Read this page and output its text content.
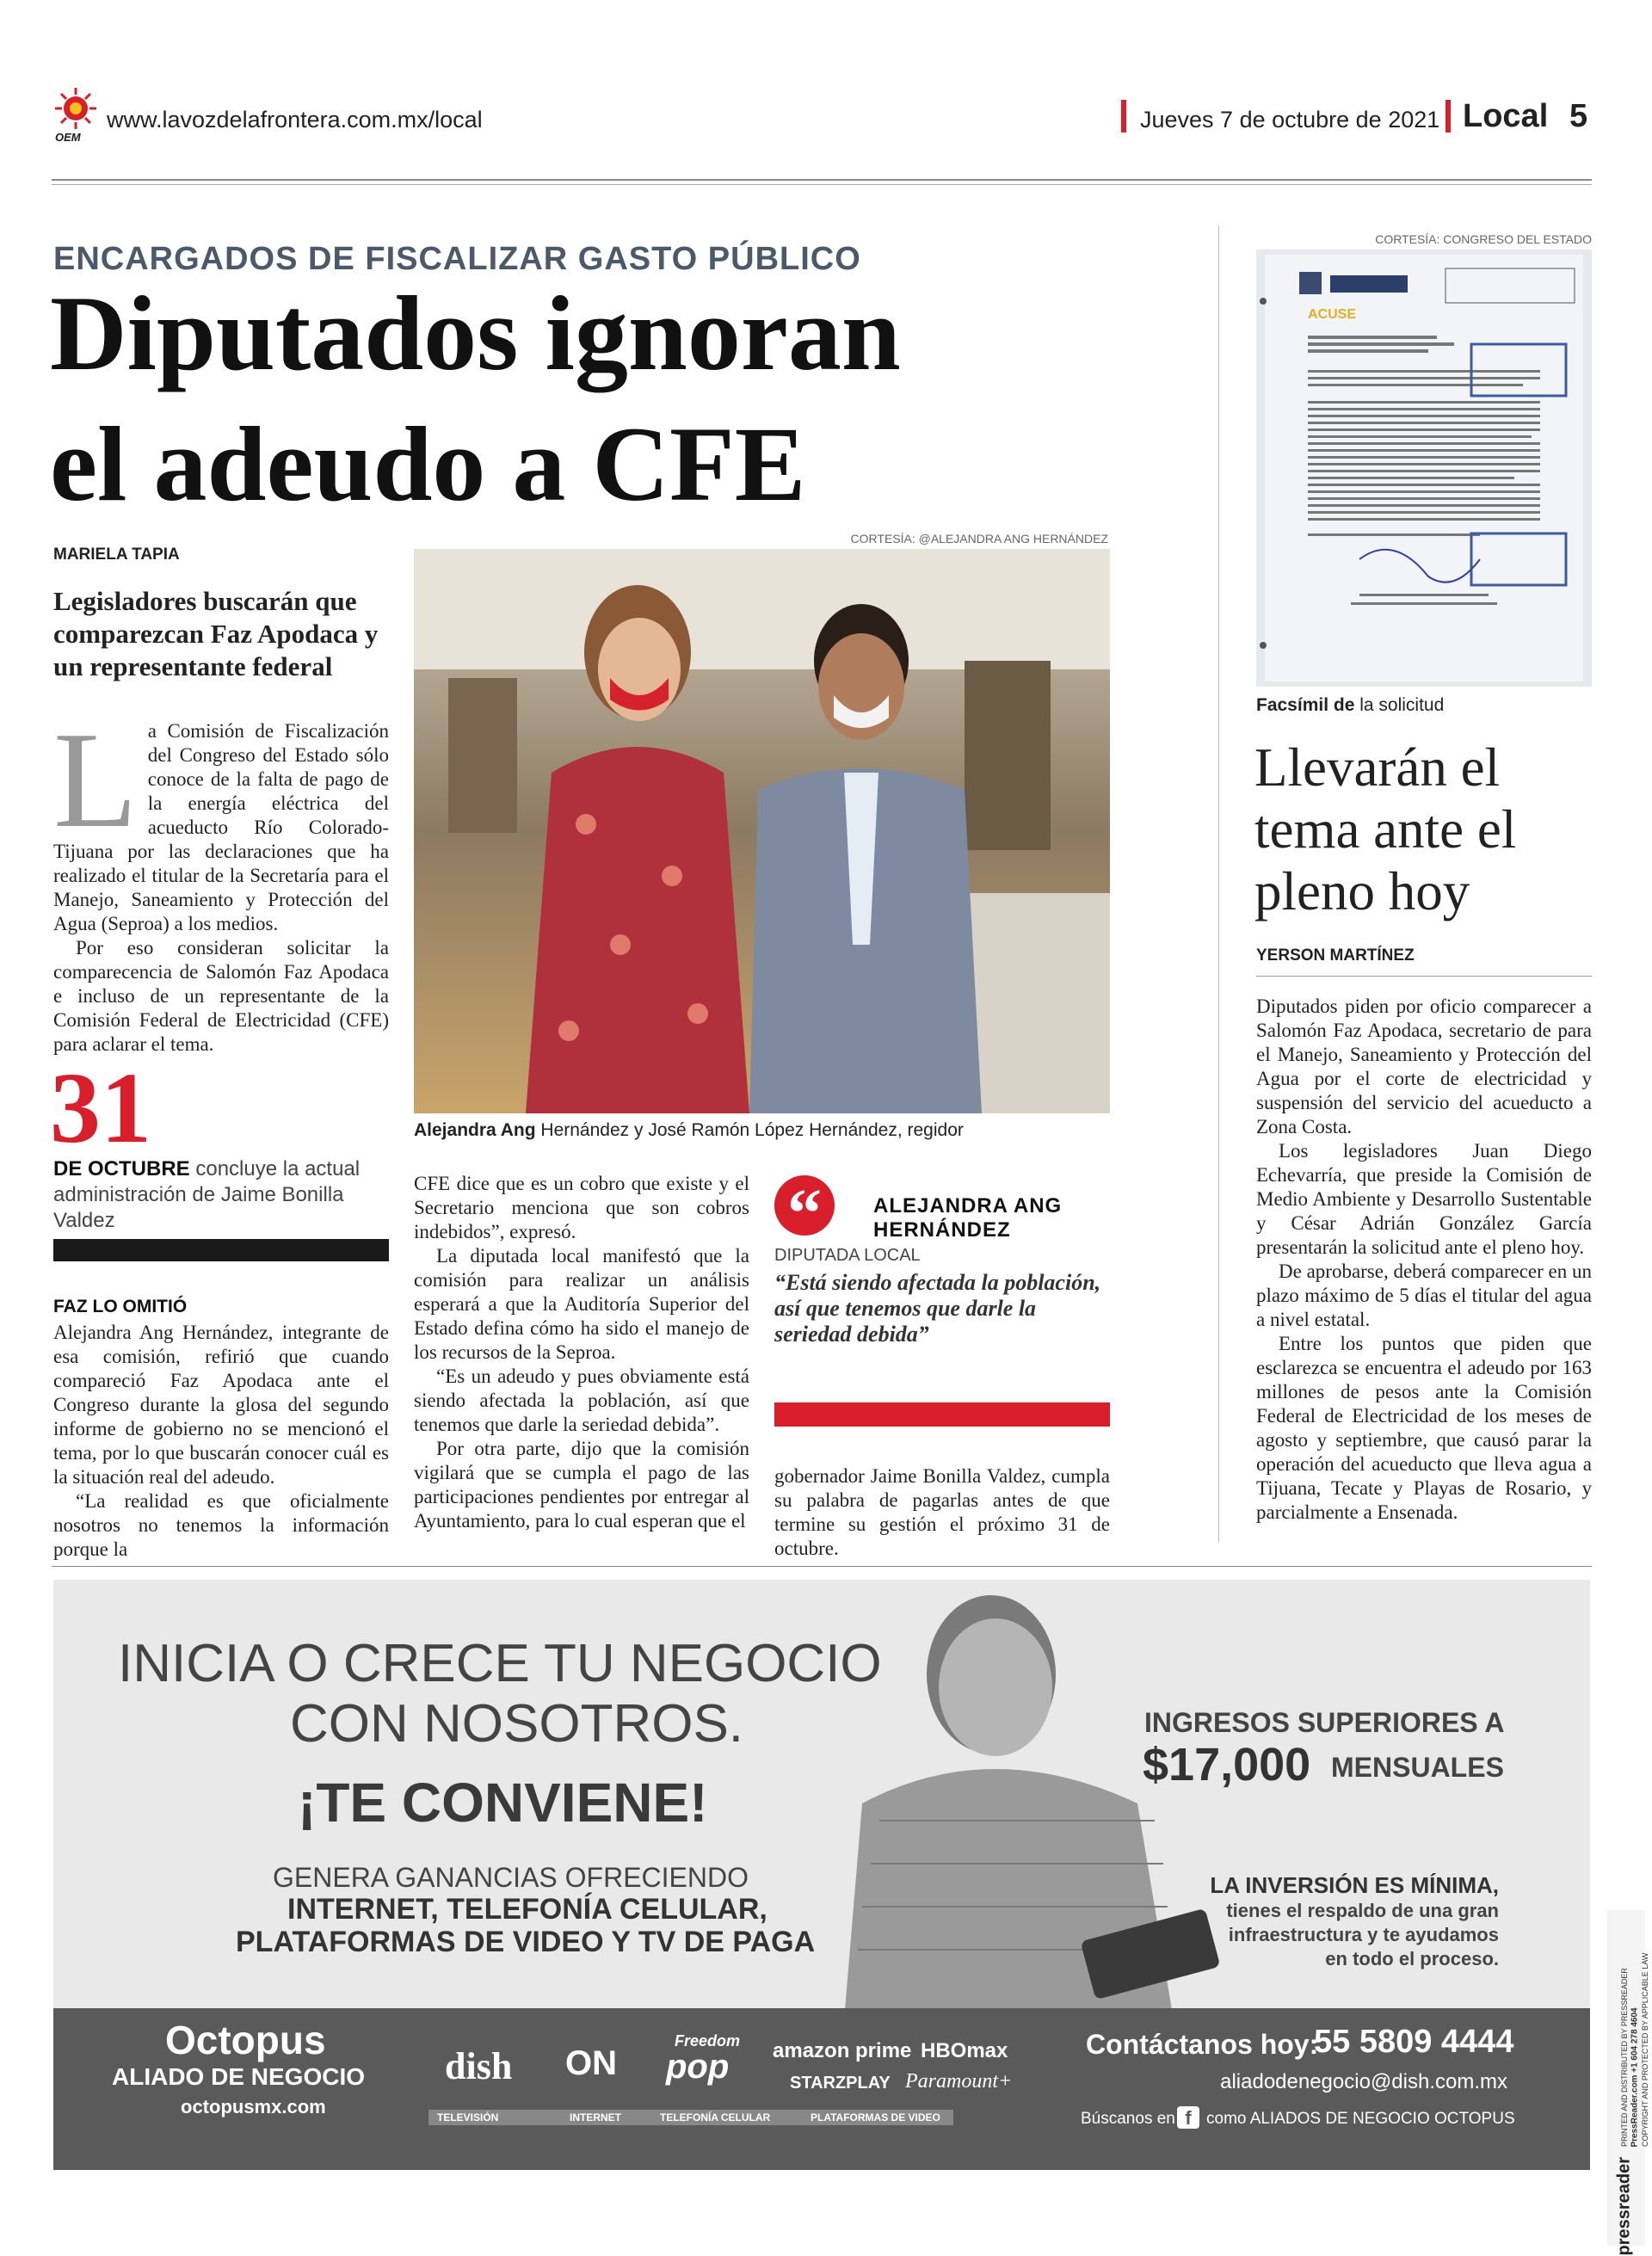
OEM
www.lavozdelafrontera.com.mx/local	Jueves 7 de octubre de 2021 Local 5
ENCARGADOS DE FISCALIZAR GASTO PÚBLICO
Diputados ignoran
el adeudo a CFE
MARIELA TAPIA
Legisladores buscarán que comparezcan Faz Apodaca y un representante federal
L a Comisión de Fiscalización del Congreso del Estado sólo conoce de la falta de pago de la energía eléctrica del acueducto Río Colorado-Tijuana por las declaraciones que ha realizado el titular de la Secretaría para el Manejo, Saneamiento y Protección del Agua (Seproa) a los medios.

Por eso consideran solicitar la comparecencia de Salomón Faz Apodaca e incluso de un representante de la Comisión Federal de Electricidad (CFE) para aclarar el tema.

31
DE OCTUBRE concluye la actual administración de Jaime Bonilla Valdez
FAZ LO OMITIÓ

Alejandra Ang Hernández, integrante de esa comisión, refirió que cuando compareció Faz Apodaca ante el Congreso durante la glosa del segundo informe de gobierno no se mencionó el tema, por lo que buscarán conocer cuál es la situación real del adeudo.

“La realidad es que oficialmente nosotros no tenemos la información porque la

CORTESÍA: @ALEJANDRA ANG HERNÁNDEZ
Alejandra Ang Hernández y José Ramón López Hernández, regidor

CFE dice que es un cobro que existe y el Secretario menciona que son cobros indebidos”, expresó.

La diputada local manifestó que la comisión para realizar un análisis esperará a que la Auditoría Superior del Estado defina cómo ha sido el manejo de los recursos de la Seproa.

“Es un adeudo y pues obviamente está siendo afectada la población, así que tenemos que darle la seriedad debida”.

Por otra parte, dijo que la comisión vigilará que se cumpla el pago de las participaciones pendientes por entregar al Ayuntamiento, para lo cual esperan que el

“	ALEJANDRA ANG HERNÁNDEZ
DIPUTADA LOCAL
“Está siendo afectada la población, así que tenemos que darle la seriedad debida”

gobernador Jaime Bonilla Valdez, cumpla su palabra de pagarlas antes de que termine su gestión el próximo 31 de octubre.

CORTESÍA: CONGRESO DEL ESTADO
ACUSE
Facsímil de la solicitud
Llevarán el tema ante el pleno hoy
YERSON MARTÍNEZ

Diputados piden por oficio comparecer a Salomón Faz Apodaca, secretario de para el Manejo, Saneamiento y Protección del Agua por el corte de electricidad y suspensión del servicio del acueducto a Zona Costa.

Los legisladores Juan Diego Echevarría, que preside la Comisión de Medio Ambiente y Desarrollo Sustentable y César Adrián González García presentarán la solicitud ante el pleno hoy.

De aprobarse, deberá comparecer en un plazo máximo de 5 días el titular del agua a nivel estatal.

Entre los puntos que piden que esclarezca se encuentra el adeudo por 163 millones de pesos ante la Comisión Federal de Electricidad de los meses de agosto y septiembre, que causó parar la operación del acueducto que lleva agua a Tijuana, Tecate y Playas de Rosario, y parcialmente a Ensenada.

INICIA O CRECE TU NEGOCIO
CON NOSOTROS.
¡TE CONVIENE!
GENERA GANANCIAS OFRECIENDO
INTERNET, TELEFONÍA CELULAR,
PLATAFORMAS DE VIDEO Y TV DE PAGA
INGRESOS SUPERIORES A
$17,000 MENSUALES
LA INVERSIÓN ES MÍNIMA,
tienes el respaldo de una gran
infraestructura y te ayudamos
en todo el proceso.
Octopus
ALIADO DE NEGOCIO
octopusmx.com
dish ON
Freedom
pop amazon prime HBOmax
STARZPLAY Paramount+
TELEVISIÓN	INTERNET	TELEFONÍA CELULAR	PLATAFORMAS DE VIDEO
Contáctanos hoy:
55 5809 4444
aliadodenegocio@dish.com.mx
Búscanos en f como ALIADOS DE NEGOCIO OCTOPUS
pressreader
PRINTED AND DISTRIBUTED BY PRESSREADER PressReader.com +1 604 278 4604 COPYRIGHT AND PROTECTED BY APPLICABLE LAW
